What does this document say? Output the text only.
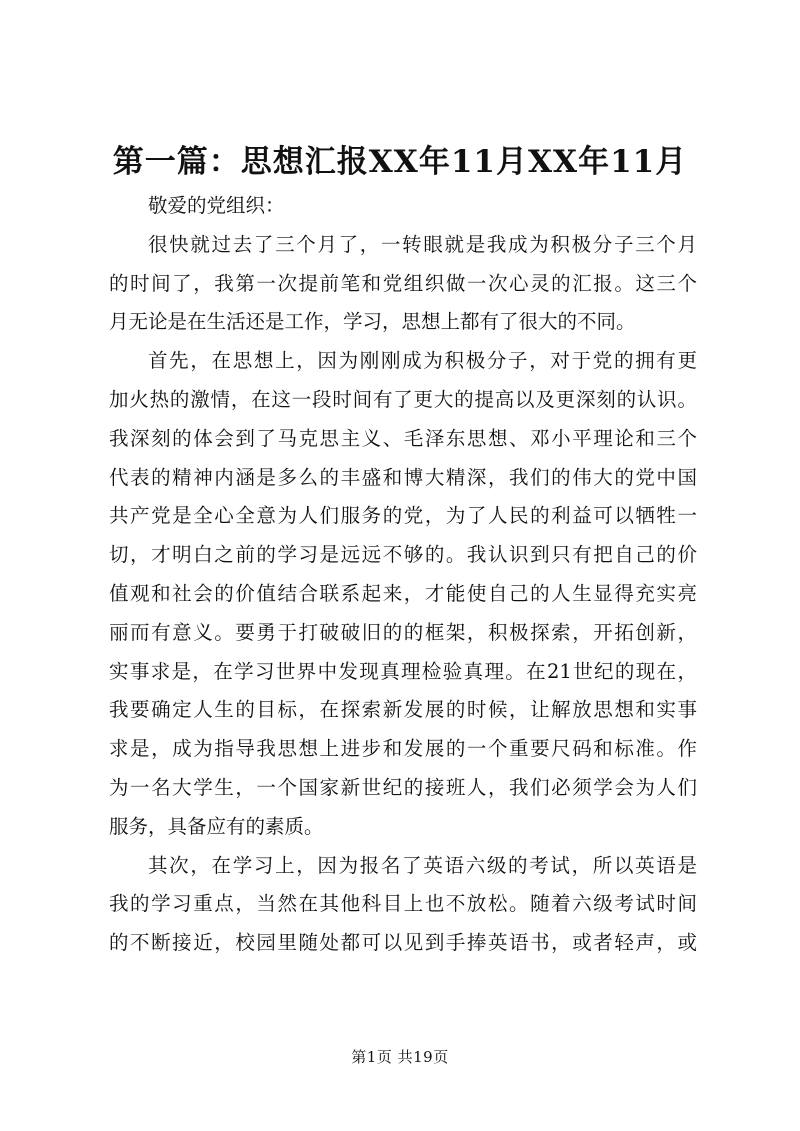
第一篇：思想汇报XX年11月XX年11月

敬爱的党组织：

很快就过去了三个月了，一转眼就是我成为积极分子三个月
的时间了，我第一次提前笔和党组织做一次心灵的汇报。这三个
月无论是在生活还是工作，学习，思想上都有了很大的不同。

首先，在思想上，因为刚刚成为积极分子，对于党的拥有更
加火热的激情，在这一段时间有了更大的提高以及更深刻的认识。
我深刻的体会到了马克思主义、毛泽东思想、邓小平理论和三个
代表的精神内涵是多么的丰盛和博大精深，我们的伟大的党中国
共产党是全心全意为人们服务的党，为了人民的利益可以牺牲一
切，才明白之前的学习是远远不够的。我认识到只有把自己的价
值观和社会的价值结合联系起来，才能使自己的人生显得充实亮
丽而有意义。要勇于打破破旧的的框架，积极探索，开拓创新，
实事求是，在学习世界中发现真理检验真理。在21世纪的现在，
我要确定人生的目标，在探索新发展的时候，让解放思想和实事
求是，成为指导我思想上进步和发展的一个重要尺码和标准。作
为一名大学生，一个国家新世纪的接班人，我们必须学会为人们
服务，具备应有的素质。

其次，在学习上，因为报名了英语六级的考试，所以英语是
我的学习重点，当然在其他科目上也不放松。随着六级考试时间
的不断接近，校园里随处都可以见到手捧英语书，或者轻声，或

第1页 共19页
